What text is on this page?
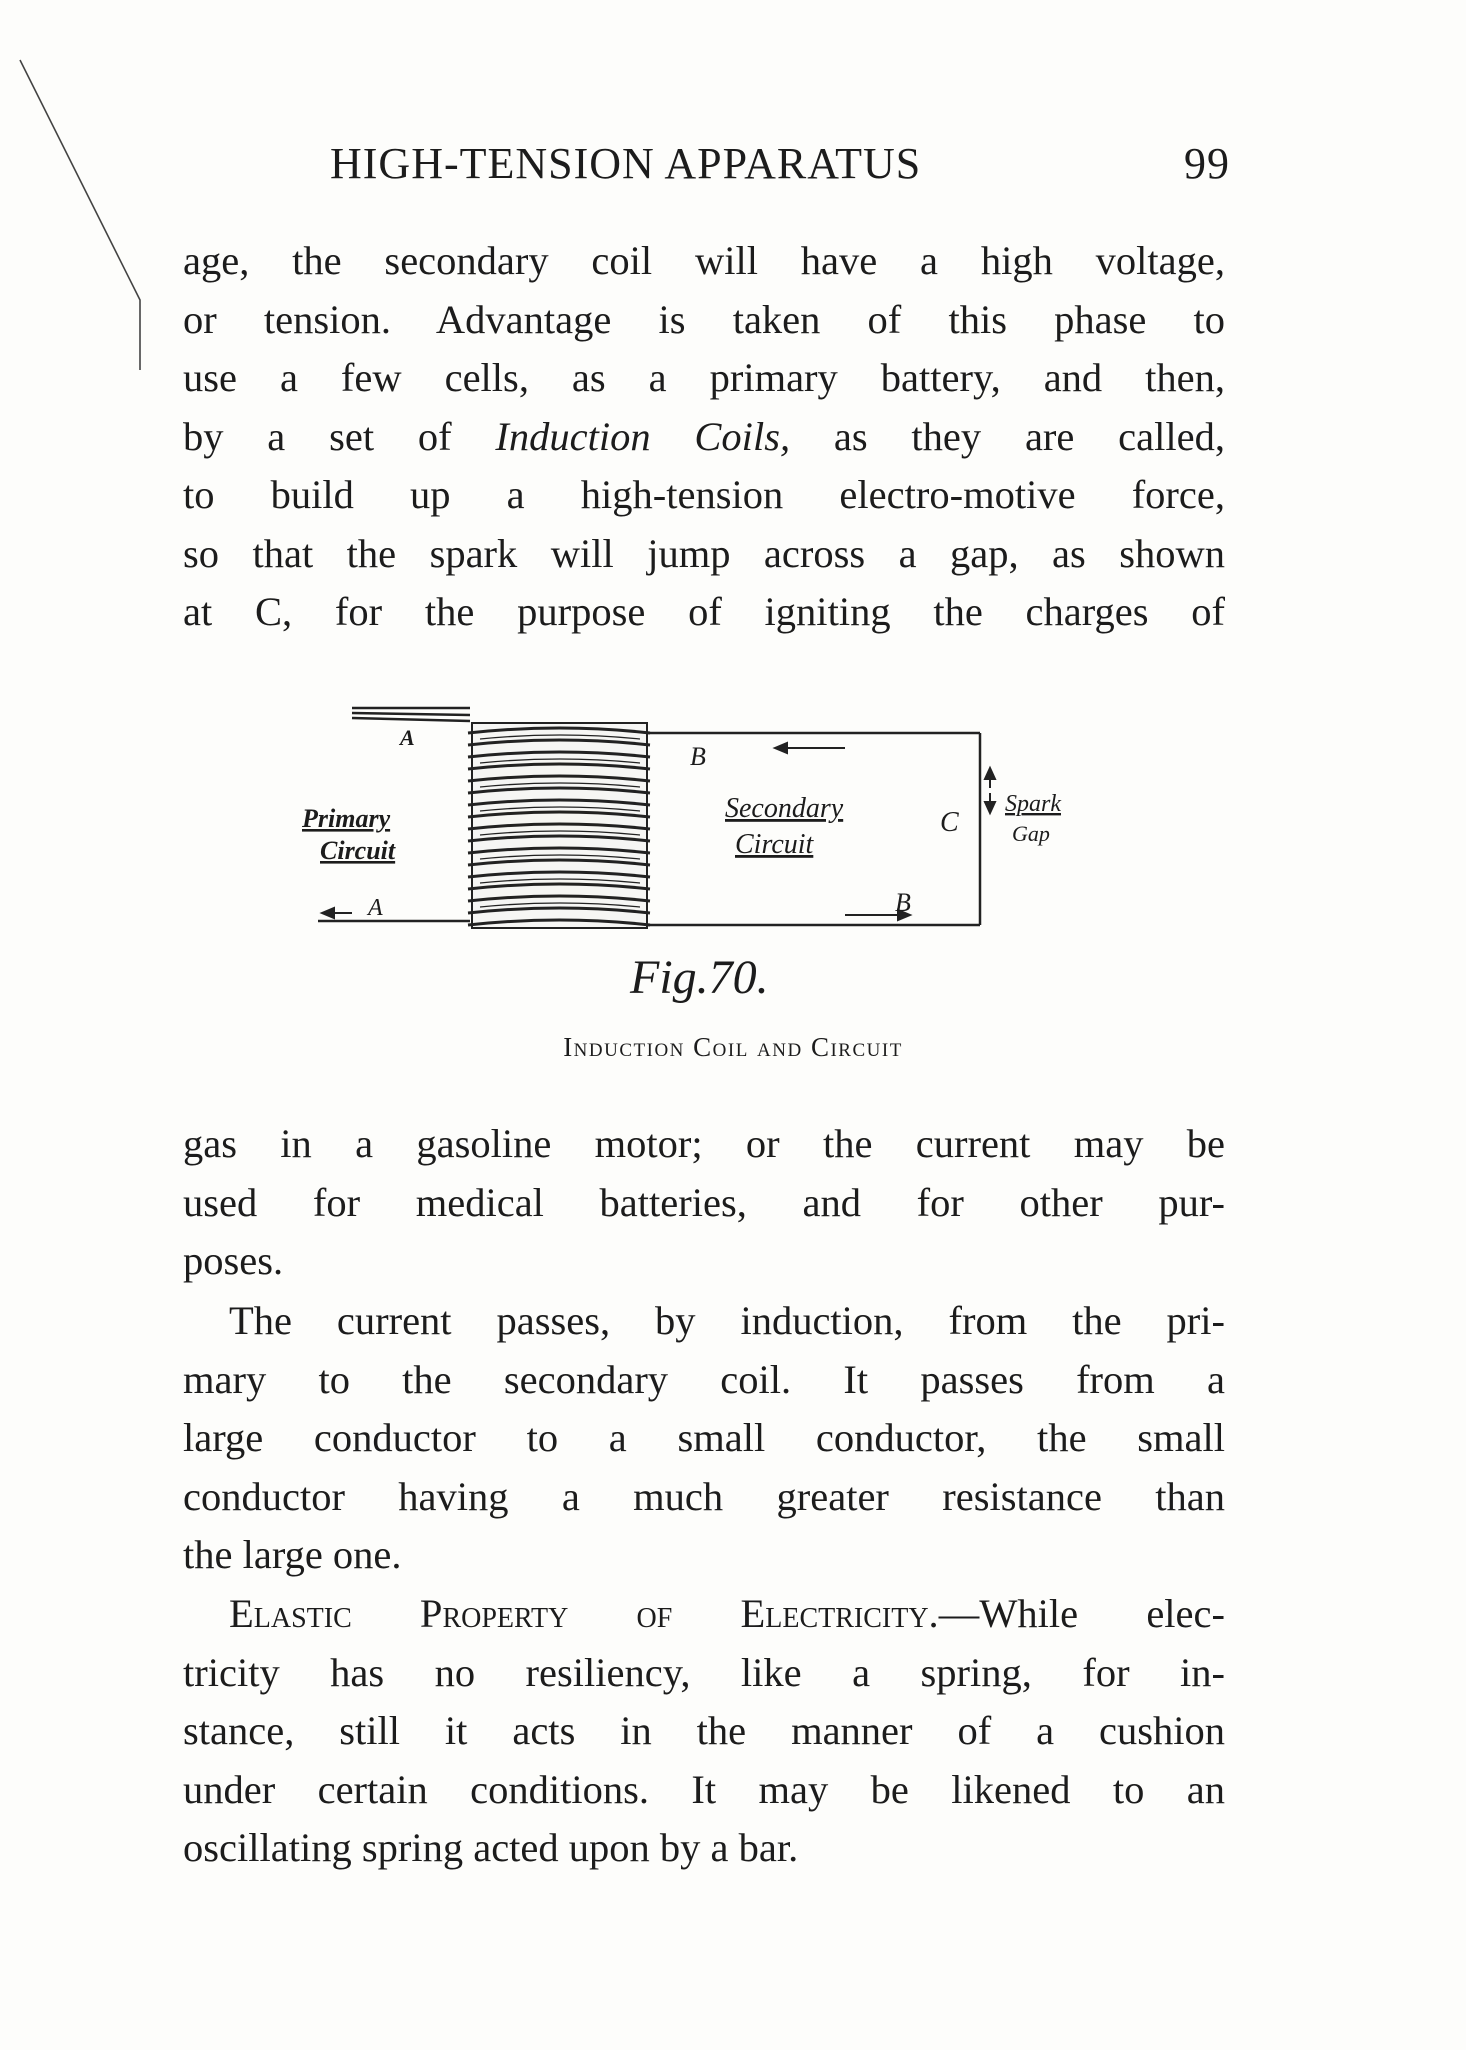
HIGH-TENSION APPARATUS	99
age, the secondary coil will have a high voltage,
or tension. Advantage is taken of this phase to
use a few cells, as a primary battery, and then,
by a set of Induction Coils, as they are called,
to build up a high-tension electro-motive force,
so that the spark will jump across a gap, as shown
at C, for the purpose of igniting the charges of
A
B
Primary
Circuit
Secondary
Circuit
C
Spark
Gap
A	B
Fig.70.
Induction Coil and Circuit
gas in a gasoline motor; or the current may be
used for medical batteries, and for other pur-
poses.
The current passes, by induction, from the pri-
mary to the secondary coil. It passes from a
large conductor to a small conductor, the small
conductor having a much greater resistance than
the large one.
Elastic Property of Electricity.—While elec-
tricity has no resiliency, like a spring, for in-
stance, still it acts in the manner of a cushion
under certain conditions. It may be likened to an
oscillating spring acted upon by a bar.
